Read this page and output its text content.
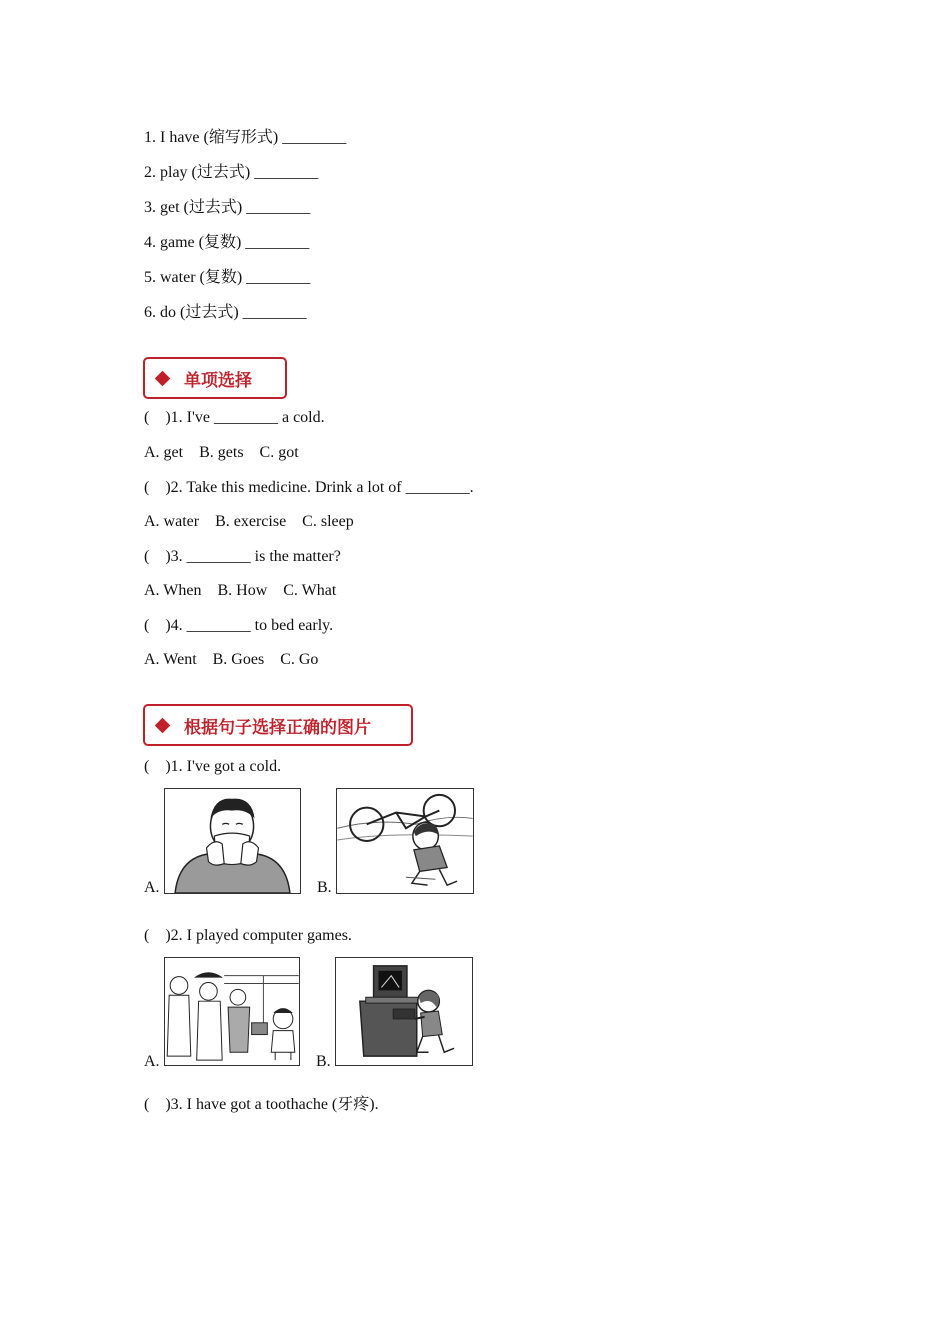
1. I have (缩写形式) ________
2. play (过去式) ________
3. get (过去式) ________
4. game (复数) ________
5. water (复数) ________
6. do (过去式) ________
单项选择
(    )1. I've ________ a cold.
A. get    B. gets    C. got
(    )2. Take this medicine. Drink a lot of ________.
A. water    B. exercise    C. sleep
(    )3. ________ is the matter?
A. When    B. How    C. What
(    )4. ________ to bed early.
A. Went    B. Goes    C. Go
根据句子选择正确的图片
(    )1. I've got a cold.
A.	B.
(    )2. I played computer games.
A.	B.
(    )3. I have got a toothache (牙疼).
